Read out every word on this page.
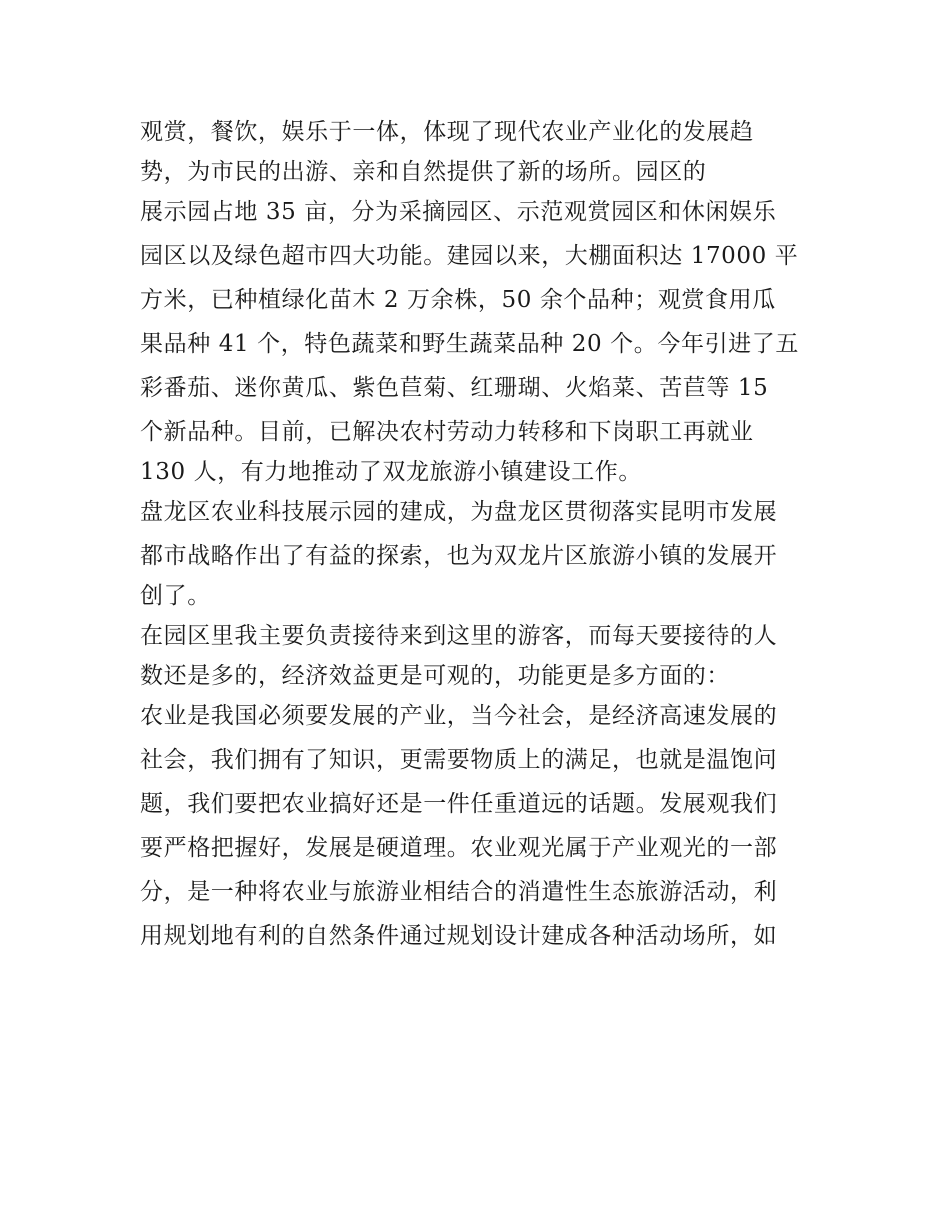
观赏，餐饮，娱乐于一体，体现了现代农业产业化的发展趋
势，为市民的出游、亲和自然提供了新的场所。园区的
展示园占地 35 亩，分为采摘园区、示范观赏园区和休闲娱乐
园区以及绿色超市四大功能。建园以来，大棚面积达 17000 平
方米，已种植绿化苗木 2 万余株，50 余个品种；观赏食用瓜
果品种 41 个，特色蔬菜和野生蔬菜品种 20 个。今年引进了五
彩番茄、迷你黄瓜、紫色苣菊、红珊瑚、火焰菜、苦苣等 15
个新品种。目前，已解决农村劳动力转移和下岗职工再就业
130 人，有力地推动了双龙旅游小镇建设工作。
盘龙区农业科技展示园的建成，为盘龙区贯彻落实昆明市发展
都市战略作出了有益的探索，也为双龙片区旅游小镇的发展开
创了。
在园区里我主要负责接待来到这里的游客，而每天要接待的人
数还是多的，经济效益更是可观的，功能更是多方面的：
农业是我国必须要发展的产业，当今社会，是经济高速发展的
社会，我们拥有了知识，更需要物质上的满足，也就是温饱问
题，我们要把农业搞好还是一件任重道远的话题。发展观我们
要严格把握好，发展是硬道理。农业观光属于产业观光的一部
分，是一种将农业与旅游业相结合的消遣性生态旅游活动，利
用规划地有利的自然条件通过规划设计建成各种活动场所，如
